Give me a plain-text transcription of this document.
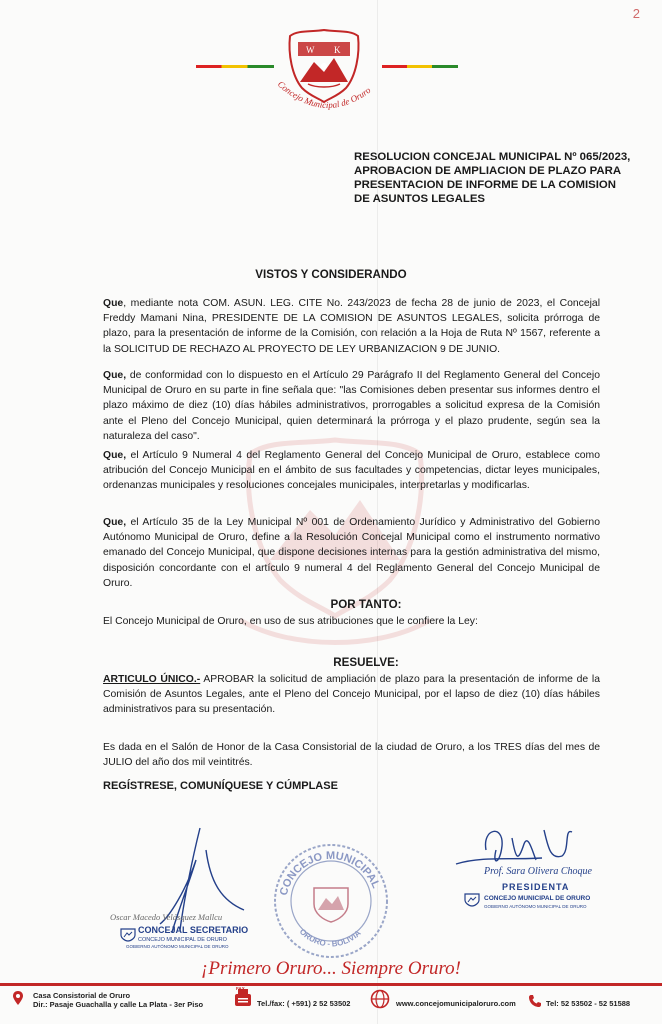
2
W K
Concejo Municipal de Oruro
RESOLUCION CONCEJAL MUNICIPAL Nº 065/2023,
APROBACION DE AMPLIACION DE PLAZO PARA
PRESENTACION DE INFORME DE LA COMISION
DE ASUNTOS LEGALES
VISTOS Y CONSIDERANDO
Que, mediante nota COM. ASUN. LEG. CITE No. 243/2023 de fecha 28 de junio de 2023, el Concejal Freddy Mamani Nina, PRESIDENTE DE LA COMISION DE ASUNTOS LEGALES, solicita prórroga de plazo, para la presentación de informe de la Comisión, con relación a la Hoja de Ruta Nº 1567, referente a la SOLICITUD DE RECHAZO AL PROYECTO DE LEY URBANIZACION 9 DE JUNIO.
Que, de conformidad con lo dispuesto en el Artículo 29 Parágrafo II del Reglamento General del Concejo Municipal de Oruro en su parte in fine señala que: "las Comisiones deben presentar sus informes dentro el plazo máximo de diez (10) días hábiles administrativos, prorrogables a solicitud expresa de la Comisión ante el Pleno del Concejo Municipal, quien determinará la prórroga y el plazo prudente, según sea la naturaleza del caso".
Que, el Artículo 9 Numeral 4 del Reglamento General del Concejo Municipal de Oruro, establece como atribución del Concejo Municipal en el ámbito de sus facultades y competencias, dictar leyes municipales, ordenanzas municipales y resoluciones concejales municipales, interpretarlas y modificarlas.
Que, el Artículo 35 de la Ley Municipal Nº 001 de Ordenamiento Jurídico y Administrativo del Gobierno Autónomo Municipal de Oruro, define a la Resolución Concejal Municipal como el instrumento normativo emanado del Concejo Municipal, que dispone decisiones internas para la gestión administrativa del mismo, disposición concordante con el artículo 9 numeral 4 del Reglamento General del Concejo Municipal de Oruro.
POR TANTO:
El Concejo Municipal de Oruro, en uso de sus atribuciones que le confiere la Ley:
RESUELVE:
ARTICULO ÚNICO.- APROBAR la solicitud de ampliación de plazo para la presentación de informe de la Comisión de Asuntos Legales, ante el Pleno del Concejo Municipal, por el lapso de diez (10) días hábiles administrativos para su presentación.
Es dada en el Salón de Honor de la Casa Consistorial de la ciudad de Oruro, a los TRES días del mes de JULIO del año dos mil veintitrés.
REGÍSTRESE, COMUNÍQUESE Y CÚMPLASE
Oscar Macedo Velásquez Mallcu
CONCEJAL SECRETARIO
CONCEJO MUNICIPAL DE ORURO
GOBIERNO AUTÓNOMO MUNICIPAL DE ORURO
CONCEJO MUNICIPAL
ORURO - BOLIVIA
Prof. Sara Olivera Choque
PRESIDENTA
CONCEJO MUNICIPAL DE ORURO
GOBIERNO AUTÓNOMO MUNICIPAL DE ORURO
¡Primero Oruro... Siempre Oruro!
Casa Consistorial de Oruro
Dir.: Pasaje Guachalla y calle La Plata - 3er Piso
FAX
Tel./fax: ( +591) 2 52 53502	www.concejomunicipaloruro.com	Tel: 52 53502 - 52 51588
